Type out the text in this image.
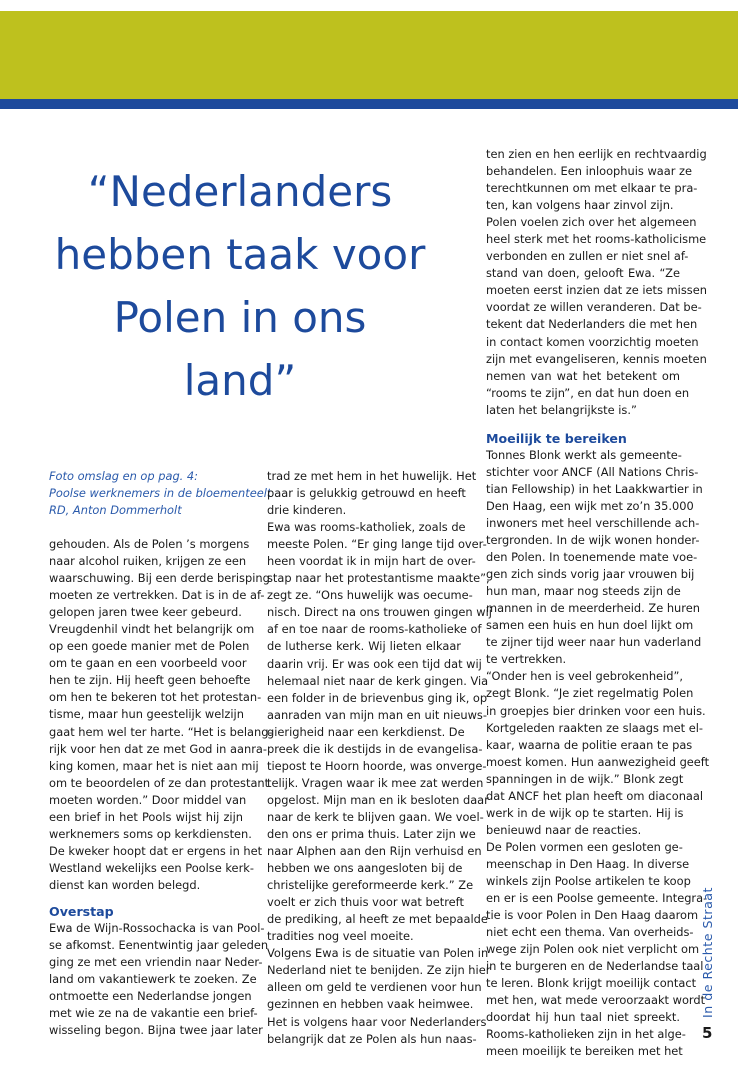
“Nederlanders
hebben taak voor
Polen in ons
land”

Foto omslag en op pag. 4:

Poolse werknemers in de bloementeelt

RD, Anton Dommerholt

gehouden. Als de Polen ’s morgens

naar alcohol ruiken, krijgen ze een

waarschuwing. Bij een derde berisping

moeten ze vertrekken. Dat is in de af-

gelopen jaren twee keer gebeurd.

Vreugdenhil vindt het belangrijk om

op een goede manier met de Polen

om te gaan en een voorbeeld voor

hen te zijn. Hij heeft geen behoefte

om hen te bekeren tot het protestan-

tisme, maar hun geestelijk welzijn

gaat hem wel ter harte. “Het is belang-

rijk voor hen dat ze met God in aanra-

king komen, maar het is niet aan mij

om te beoordelen of ze dan protestant

moeten worden.” Door middel van

een brief in het Pools wijst hij zijn

werknemers soms op kerkdiensten.

De kweker hoopt dat er ergens in het

Westland wekelijks een Poolse kerk-

dienst kan worden belegd.

Overstap

Ewa de Wijn-Rossochacka is van Pool-

se afkomst. Eenentwintig jaar geleden

ging ze met een vriendin naar Neder-

land om vakantiewerk te zoeken. Ze

ontmoette een Nederlandse jongen

met wie ze na de vakantie een brief-

wisseling begon. Bijna twee jaar later

trad ze met hem in het huwelijk. Het

paar is gelukkig getrouwd en heeft

drie kinderen.

Ewa was rooms-katholiek, zoals de

meeste Polen. “Er ging lange tijd over-

heen voordat ik in mijn hart de over-

stap naar het protestantisme maakte”,

zegt ze. “Ons huwelijk was oecume-

nisch. Direct na ons trouwen gingen wij

af en toe naar de rooms-katholieke of

de lutherse kerk. Wij lieten elkaar

daarin vrij. Er was ook een tijd dat wij

helemaal niet naar de kerk gingen. Via

een folder in de brievenbus ging ik, op

aanraden van mijn man en uit nieuws-

gierigheid naar een kerkdienst. De

preek die ik destijds in de evangelisa-

tiepost te Hoorn hoorde, was onverge-

telijk. Vragen waar ik mee zat werden

opgelost. Mijn man en ik besloten daar

naar de kerk te blijven gaan. We voel-

den ons er prima thuis. Later zijn we

naar Alphen aan den Rijn verhuisd en

hebben we ons aangesloten bij de

christelijke gereformeerde kerk.” Ze

voelt er zich thuis voor wat betreft

de prediking, al heeft ze met bepaalde

tradities nog veel moeite.

Volgens Ewa is de situatie van Polen in

Nederland niet te benijden. Ze zijn hier

alleen om geld te verdienen voor hun

gezinnen en hebben vaak heimwee.

Het is volgens haar voor Nederlanders

belangrijk dat ze Polen als hun naas-

ten zien en hen eerlijk en rechtvaardig

behandelen. Een inloophuis waar ze

terechtkunnen om met elkaar te pra-

ten, kan volgens haar zinvol zijn.

Polen voelen zich over het algemeen

heel sterk met het rooms-katholicisme

verbonden en zullen er niet snel af-

stand van doen, gelooft Ewa. “Ze

moeten eerst inzien dat ze iets missen

voordat ze willen veranderen. Dat be-

tekent dat Nederlanders die met hen

in contact komen voorzichtig moeten

zijn met evangeliseren, kennis moeten

nemen van wat het betekent om

“rooms te zijn”, en dat hun doen en

laten het belangrijkste is.”

Moeilijk te bereiken

Tonnes Blonk werkt als gemeente-

stichter voor ANCF (All Nations Chris-

tian Fellowship) in het Laakkwartier in

Den Haag, een wijk met zo’n 35.000

inwoners met heel verschillende ach-

tergronden. In de wijk wonen honder-

den Polen. In toenemende mate voe-

gen zich sinds vorig jaar vrouwen bij

hun man, maar nog steeds zijn de

mannen in de meerderheid. Ze huren

samen een huis en hun doel lijkt om

te zijner tijd weer naar hun vaderland

te vertrekken.

“Onder hen is veel gebrokenheid”,

zegt Blonk. “Je ziet regelmatig Polen

in groepjes bier drinken voor een huis.

Kortgeleden raakten ze slaags met el-

kaar, waarna de politie eraan te pas

moest komen. Hun aanwezigheid geeft

spanningen in de wijk.” Blonk zegt

dat ANCF het plan heeft om diaconaal

werk in de wijk op te starten. Hij is

benieuwd naar de reacties.

De Polen vormen een gesloten ge-

meenschap in Den Haag. In diverse

winkels zijn Poolse artikelen te koop

en er is een Poolse gemeente. Integra-

tie is voor Polen in Den Haag daarom

niet echt een thema. Van overheids-

wege zijn Polen ook niet verplicht om

in te burgeren en de Nederlandse taal

te leren. Blonk krijgt moeilijk contact

met hen, wat mede veroorzaakt wordt

doordat hij hun taal niet spreekt.

Rooms-katholieken zijn in het alge-

meen moeilijk te bereiken met het

In de Rechte Straat
5
